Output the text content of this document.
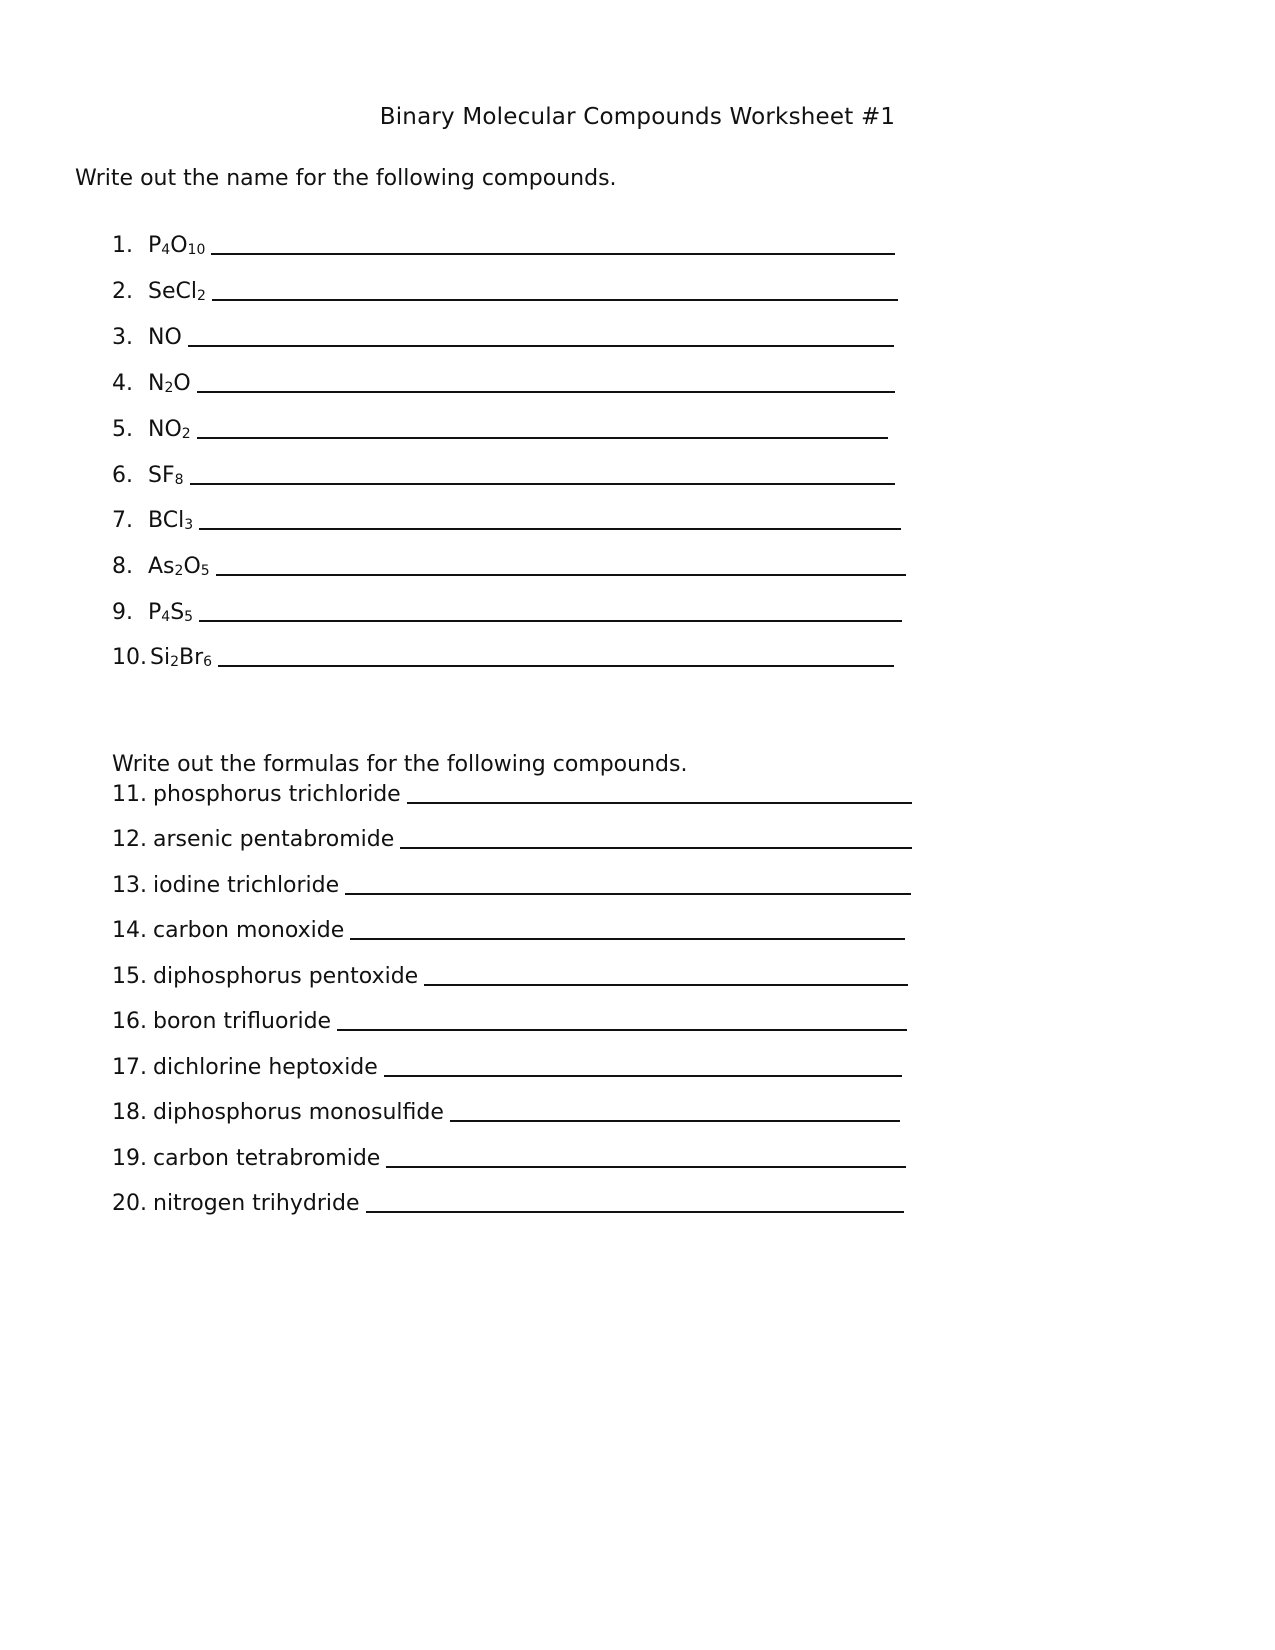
Binary Molecular Compounds Worksheet #1
Write out the name for the following compounds.
1. $P_4O_{10}$
2. SeCl$_2$
3. NO
4. $N_2O$
5. $NO_2$
6. $SF_8$
7. BCl$_3$
8. $As_2O_5$
9. $P_4S_5$
10. $Si_2Br_6$
Write out the formulas for the following compounds.
11. phosphorus trichloride
12. arsenic pentabromide
13. iodine trichloride
14. carbon monoxide
15. diphosphorus pentoxide
16. boron trifluoride
17. dichlorine heptoxide
18. diphosphorus monosulfide
19. carbon tetrabromide
20. nitrogen trihydride
